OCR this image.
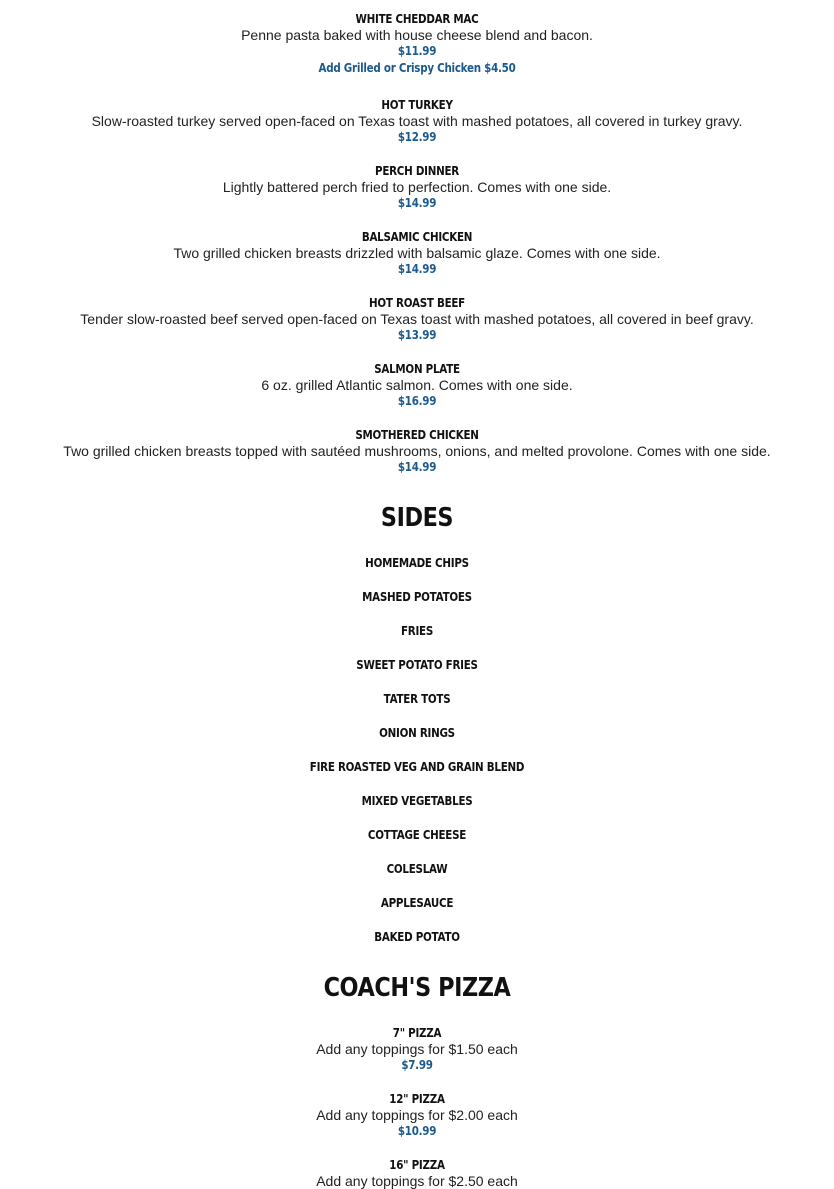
WHITE CHEDDAR MAC
Penne pasta baked with house cheese blend and bacon.
$11.99
Add Grilled or Crispy Chicken $4.50
HOT TURKEY
Slow-roasted turkey served open-faced on Texas toast with mashed potatoes, all covered in turkey gravy.
$12.99
PERCH DINNER
Lightly battered perch fried to perfection. Comes with one side.
$14.99
BALSAMIC CHICKEN
Two grilled chicken breasts drizzled with balsamic glaze. Comes with one side.
$14.99
HOT ROAST BEEF
Tender slow-roasted beef served open-faced on Texas toast with mashed potatoes, all covered in beef gravy.
$13.99
SALMON PLATE
6 oz. grilled Atlantic salmon. Comes with one side.
$16.99
SMOTHERED CHICKEN
Two grilled chicken breasts topped with sautéed mushrooms, onions, and melted provolone. Comes with one side.
$14.99
SIDES
HOMEMADE CHIPS
MASHED POTATOES
FRIES
SWEET POTATO FRIES
TATER TOTS
ONION RINGS
FIRE ROASTED VEG AND GRAIN BLEND
MIXED VEGETABLES
COTTAGE CHEESE
COLESLAW
APPLESAUCE
BAKED POTATO
COACH'S PIZZA
7" PIZZA
Add any toppings for $1.50 each
$7.99
12" PIZZA
Add any toppings for $2.00 each
$10.99
16" PIZZA
Add any toppings for $2.50 each
